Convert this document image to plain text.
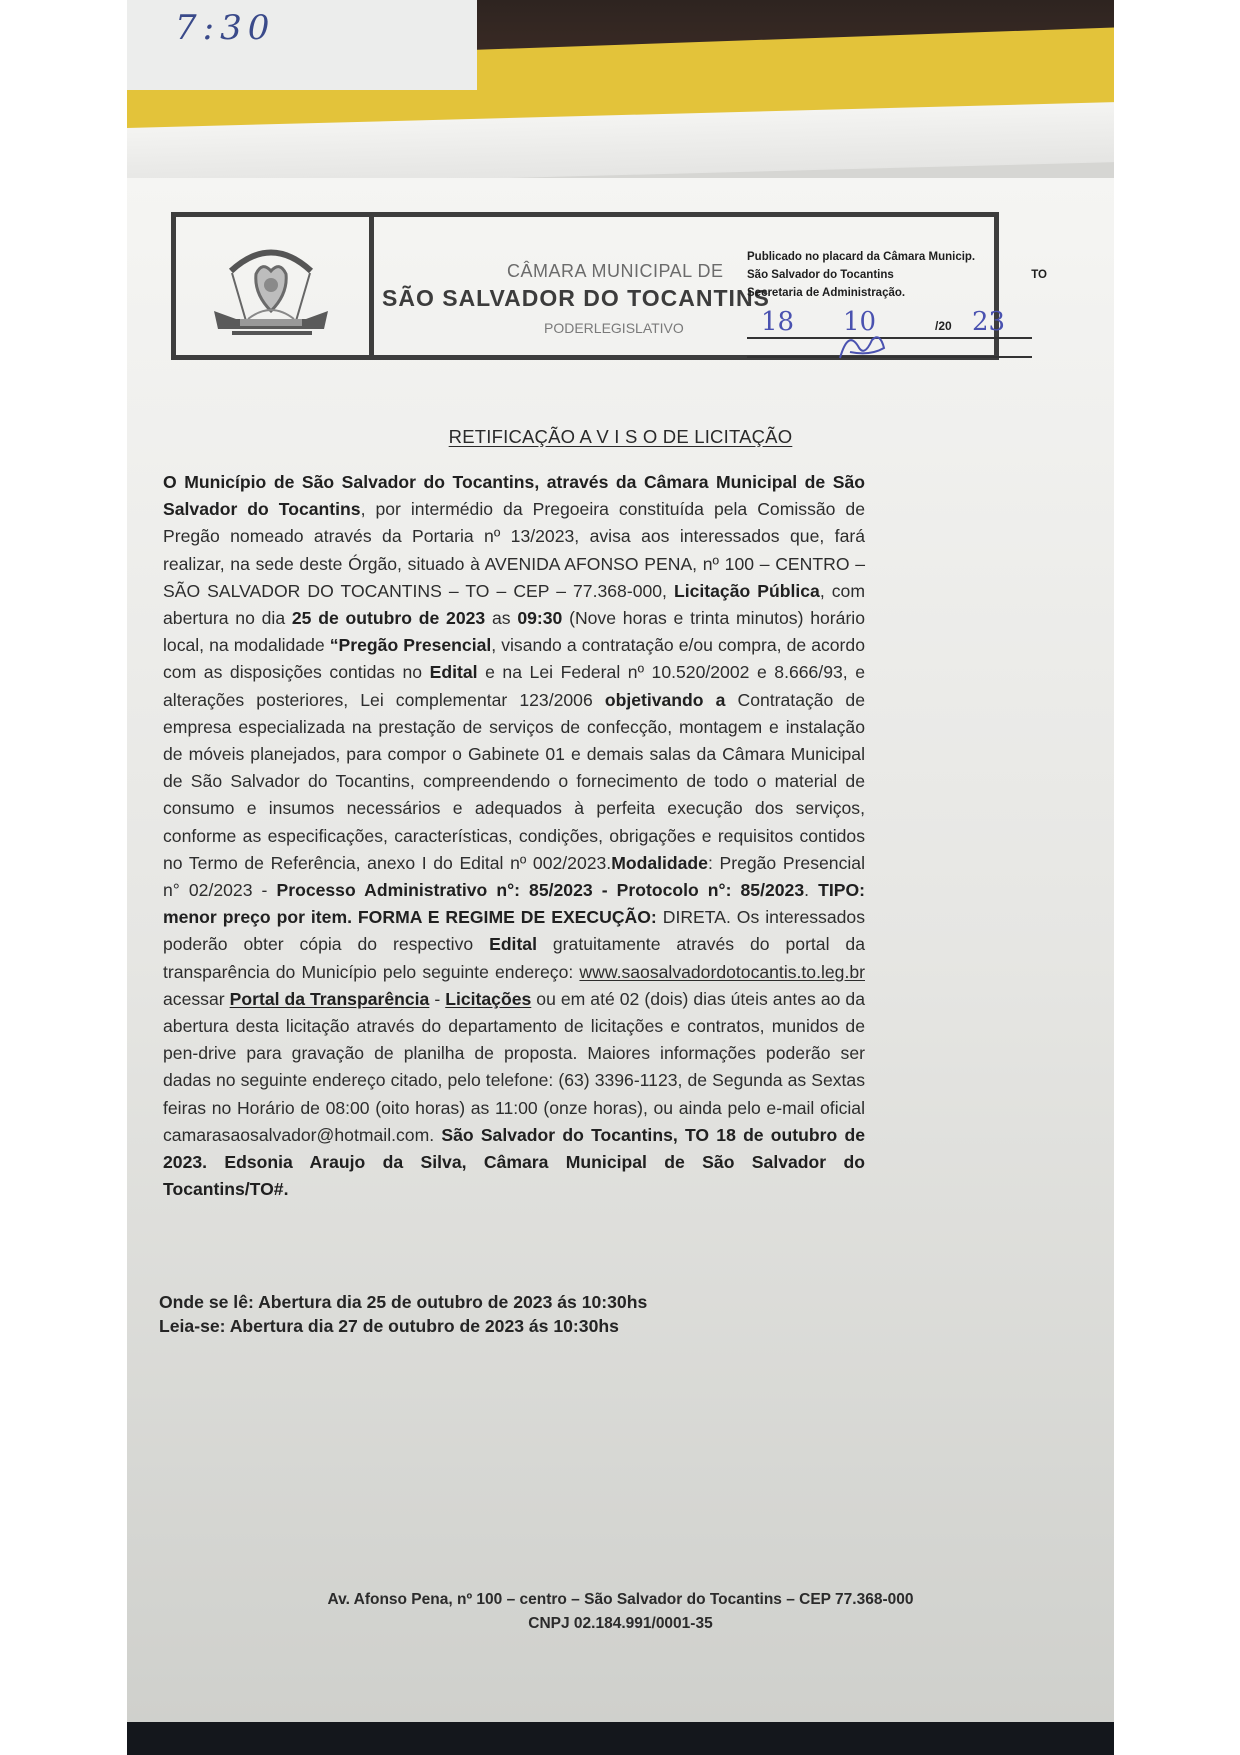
7:30
CÂMARA MUNICIPAL DE
SÃO SALVADOR DO TOCANTINS
PODERLEGISLATIVO
Publicado no placard da Câmara Municip.
São Salvador do Tocantins	TO
Secretaria de Administração.
18 10	/20 23
RETIFICAÇÃO A V I S O DE LICITAÇÃO
O Município de São Salvador do Tocantins, através da Câmara Municipal de São Salvador do Tocantins, por intermédio da Pregoeira constituída pela Comissão de Pregão nomeado através da Portaria nº 13/2023, avisa aos interessados que, fará realizar, na sede deste Órgão, situado à AVENIDA AFONSO PENA, nº 100 – CENTRO – SÃO SALVADOR DO TOCANTINS – TO – CEP – 77.368-000, Licitação Pública, com abertura no dia 25 de outubro de 2023 as 09:30 (Nove horas e trinta minutos) horário local, na modalidade “Pregão Presencial, visando a contratação e/ou compra, de acordo com as disposições contidas no Edital e na Lei Federal nº 10.520/2002 e 8.666/93, e alterações posteriores, Lei complementar 123/2006 objetivando a Contratação de empresa especializada na prestação de serviços de confecção, montagem e instalação de móveis planejados, para compor o Gabinete 01 e demais salas da Câmara Municipal de São Salvador do Tocantins, compreendendo o fornecimento de todo o material de consumo e insumos necessários e adequados à perfeita execução dos serviços, conforme as especificações, características, condições, obrigações e requisitos contidos no Termo de Referência, anexo I do Edital nº 002/2023.Modalidade: Pregão Presencial n° 02/2023 - Processo Administrativo n°: 85/2023 - Protocolo n°: 85/2023. TIPO: menor preço por item. FORMA E REGIME DE EXECUÇÃO: DIRETA. Os interessados poderão obter cópia do respectivo Edital gratuitamente através do portal da transparência do Município pelo seguinte endereço: www.saosalvadordotocantis.to.leg.br acessar Portal da Transparência - Licitações ou em até 02 (dois) dias úteis antes ao da abertura desta licitação através do departamento de licitações e contratos, munidos de pen-drive para gravação de planilha de proposta. Maiores informações poderão ser dadas no seguinte endereço citado, pelo telefone: (63) 3396-1123, de Segunda as Sextas feiras no Horário de 08:00 (oito horas) as 11:00 (onze horas), ou ainda pelo e-mail oficial camarasaosalvador@hotmail.com. São Salvador do Tocantins, TO 18 de outubro de 2023. Edsonia Araujo da Silva, Câmara Municipal de São Salvador do Tocantins/TO#.
Onde se lê: Abertura dia 25 de outubro de 2023 ás 10:30hs
Leia-se: Abertura dia 27 de outubro de 2023 ás 10:30hs
Av. Afonso Pena, nº 100 – centro – São Salvador do Tocantins – CEP 77.368-000
CNPJ 02.184.991/0001-35
